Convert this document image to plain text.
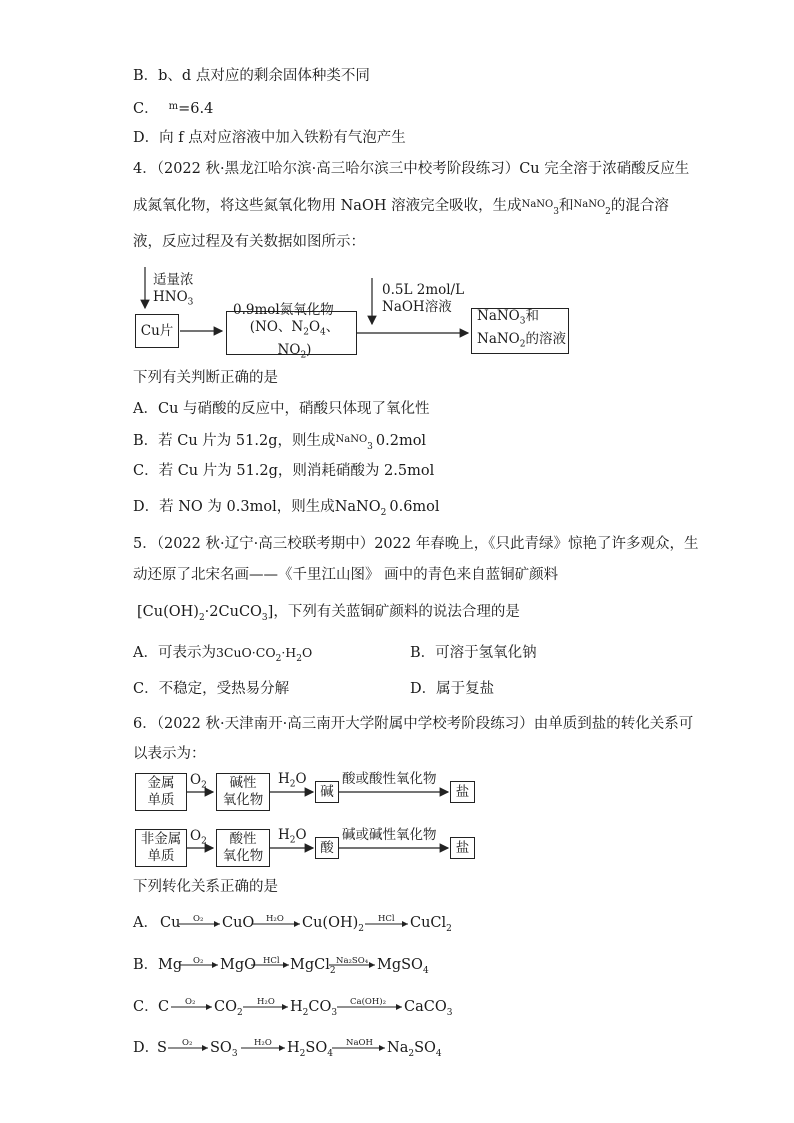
B．b、d 点对应的剩余固体种类不同
C． $^m$=6.4
D．向 f 点对应溶液中加入铁粉有气泡产生
4．（2022 秋·黑龙江哈尔滨·高三哈尔滨三中校考阶段练习）Cu 完全溶于浓硝酸反应生
成氮氧化物，将这些氮氧化物用 NaOH 溶液完全吸收，生成$^{NaNO}_3$和$^{NaNO}_2$的混合溶
液，反应过程及有关数据如图所示：
适量浓
$HNO_3$
Cu片
0.9mol氮氧化物
(NO、$N_2O_4$、$NO_2$)
0.5L 2mol/L
NaOH溶液
NaNO$_3$和
NaNO$_2$的溶液
下列有关判断正确的是
A．Cu 与硝酸的反应中，硝酸只体现了氧化性
B．若 Cu 片为 51.2g，则生成$^{NaNO}_3$ 0.2mol
C．若 Cu 片为 51.2g，则消耗硝酸为 2.5mol
D．若 NO 为 0.3mol，则生成NaNO$_2$ 0.6mol
5．（2022 秋·辽宁·高三校联考期中）2022 年春晚上，《只此青绿》惊艳了许多观众，生
动还原了北宋名画——《千里江山图》 画中的青色来自蓝铜矿颜料
$[Cu(OH)_2\cdot 2CuCO_3]$，下列有关蓝铜矿颜料的说法合理的是
A．可表示为$3CuO\cdot CO_2\cdot H_2O$	B．可溶于氢氧化钠
C．不稳定，受热易分解	D．属于复盐
6．（2022 秋·天津南开·高三南开大学附属中学校考阶段练习）由单质到盐的转化关系可
以表示为：
金属
单质
$O_2$ 碱性
氧化物
$H_2O$
碱
酸或酸性氧化物
盐
非金属
单质
$O_2$ 酸性
氧化物
$H_2O$
酸
碱或碱性氧化物
盐
下列转化关系正确的是
A． Cu O₂ CuO H₂O $Cu(OH)_2$
HCl CuCl$_2$
B． Mg O₂ MgO HCl MgCl$_2$
Na₂SO₄ MgSO$_4$
C． C O₂ $CO_2$
H₂O $H_2CO_3$
Ca(OH)₂ CaCO$_3$
D．
S O₂ $SO_3$
H₂O $H_2SO_4$
NaOH $Na_2SO_4$
